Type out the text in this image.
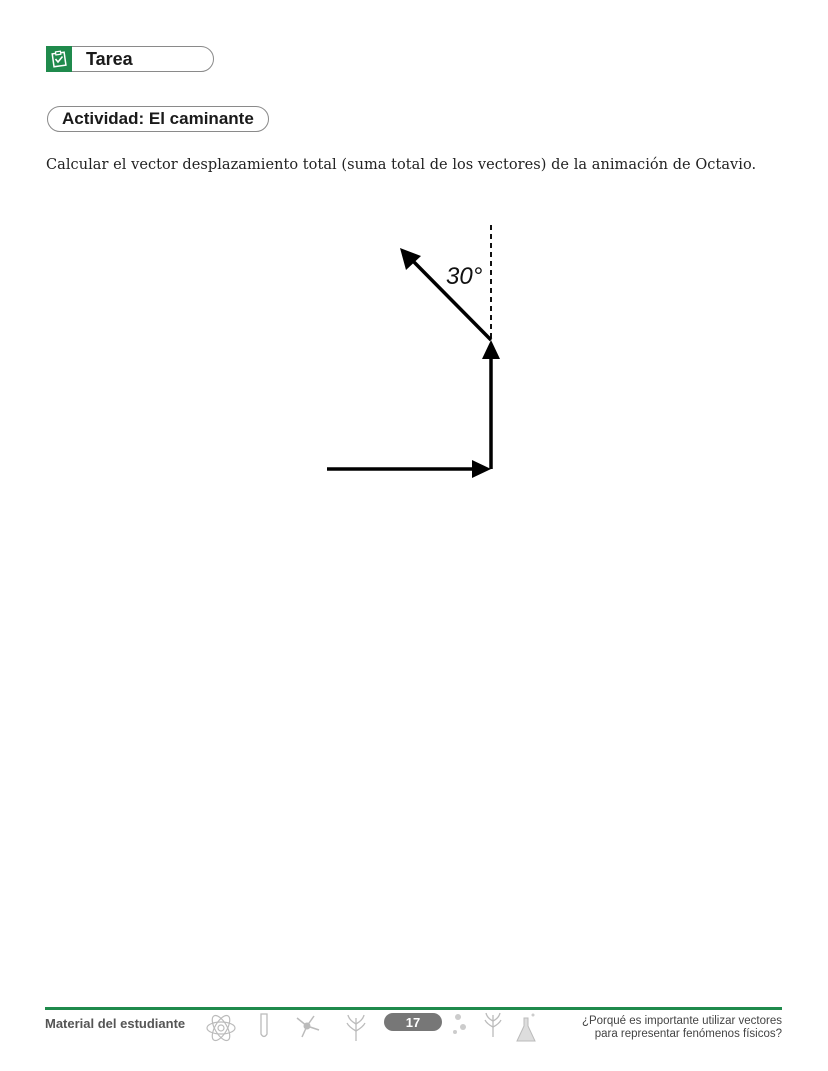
Tarea
Actividad: El caminante
Calcular el vector desplazamiento total (suma total de los vectores) de la animación de Octavio.
30°
Material del estudiante	17	¿Porqué es importante utilizar vectores
para representar fenómenos físicos?
